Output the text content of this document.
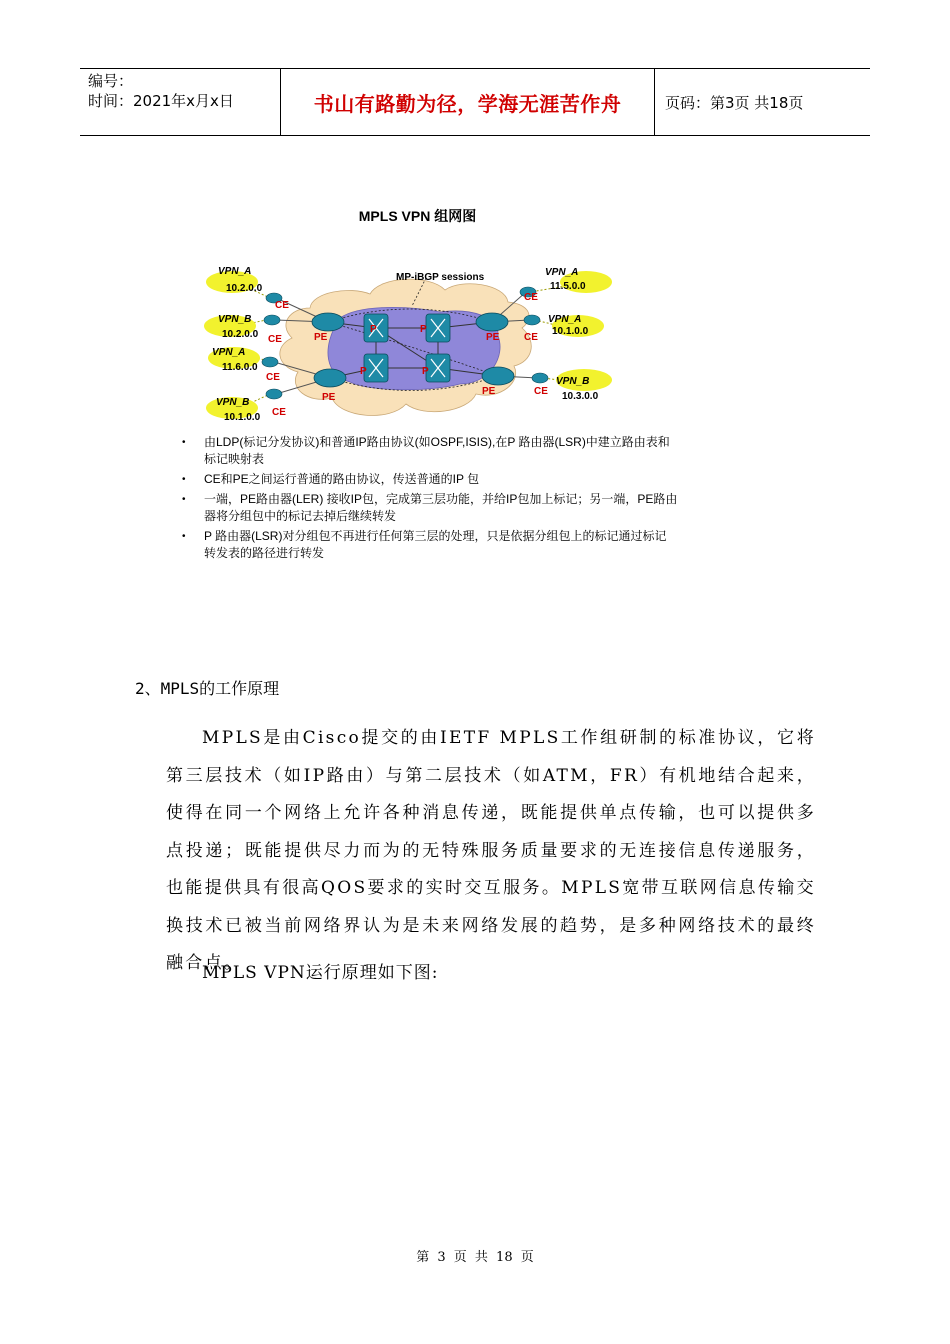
编号：
时间：2021年x月x日	书山有路勤为径，学海无涯苦作舟	页码：第3页 共18页
MPLS VPN 组网图
MP-iBGP sessions
VPN_A
10.2.0.0
VPN_B
10.2.0.0
VPN_A
11.6.0.0
VPN_B
10.1.0.0
VPN_A
11.5.0.0
VPN_A
10.1.0.0
VPN_B
10.3.0.0
CE
CE
CE
CE
CE
CE
CE
PE
PE
PE
PE
P	P
P	P
• 由LDP(标记分发协议)和普通IP路由协议(如OSPF,ISIS),在P 路由器(LSR)中建立路由表和标记映射表
• CE和PE之间运行普通的路由协议，传送普通的IP 包
• 一端，PE路由器(LER) 接收IP包，完成第三层功能，并给IP包加上标记；另一端，PE路由器将分组包中的标记去掉后继续转发
• P 路由器(LSR)对分组包不再进行任何第三层的处理，只是依据分组包上的标记通过标记转发表的路径进行转发
2、MPLS的工作原理

MPLS是由Cisco提交的由IETF MPLS工作组研制的标准协议，它将第三层技术（如IP路由）与第二层技术（如ATM，FR）有机地结合起来，使得在同一个网络上允许各种消息传递，既能提供单点传输，也可以提供多点投递；既能提供尽力而为的无特殊服务质量要求的无连接信息传递服务，也能提供具有很高QOS要求的实时交互服务。MPLS宽带互联网信息传输交换技术已被当前网络界认为是未来网络发展的趋势，是多种网络技术的最终融合点。

MPLS VPN运行原理如下图:
第 3 页 共 18 页
